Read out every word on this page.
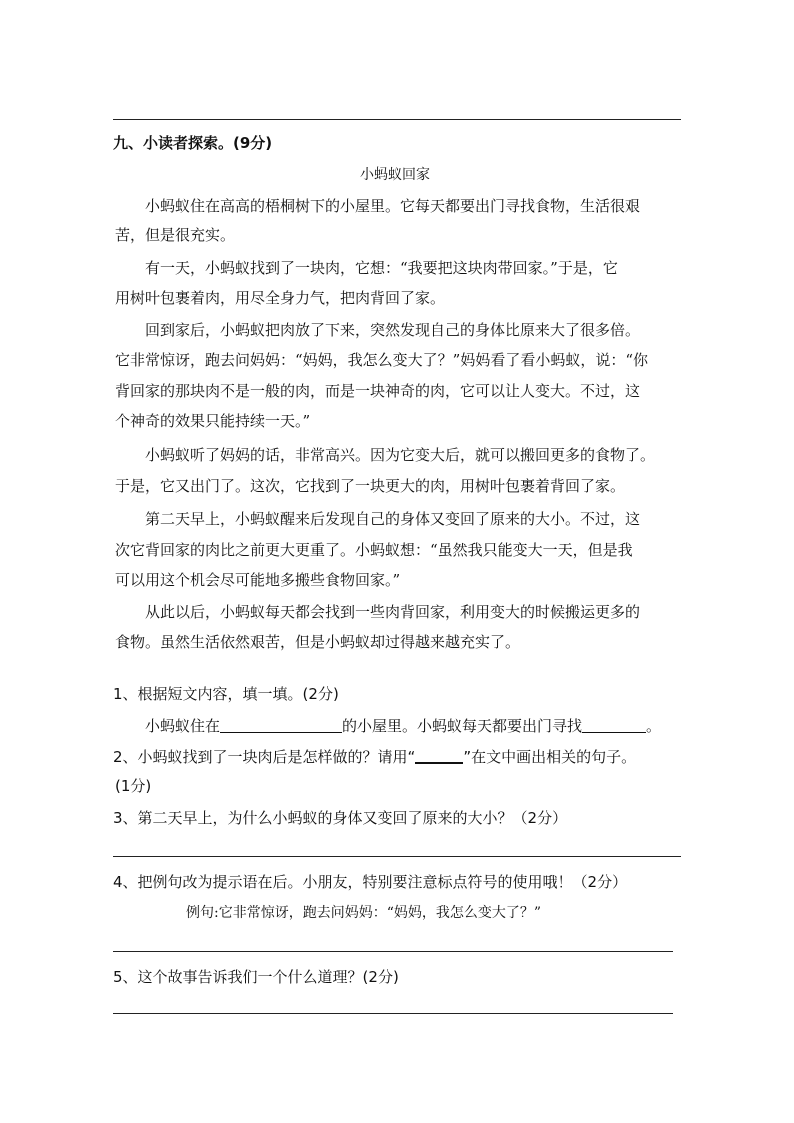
九、小读者探索。(9分)
小蚂蚁回家
小蚂蚁住在高高的梧桐树下的小屋里。它每天都要出门寻找食物，生活很艰
苦，但是很充实。
有一天，小蚂蚁找到了一块肉，它想：“我要把这块肉带回家。”于是，它
用树叶包裹着肉，用尽全身力气，把肉背回了家。
回到家后，小蚂蚁把肉放了下来，突然发现自己的身体比原来大了很多倍。
它非常惊讶，跑去问妈妈：“妈妈，我怎么变大了？”妈妈看了看小蚂蚁，说：“你
背回家的那块肉不是一般的肉，而是一块神奇的肉，它可以让人变大。不过，这
个神奇的效果只能持续一天。”
小蚂蚁听了妈妈的话，非常高兴。因为它变大后，就可以搬回更多的食物了。
于是，它又出门了。这次，它找到了一块更大的肉，用树叶包裹着背回了家。
第二天早上，小蚂蚁醒来后发现自己的身体又变回了原来的大小。不过，这
次它背回家的肉比之前更大更重了。小蚂蚁想：“虽然我只能变大一天，但是我
可以用这个机会尽可能地多搬些食物回家。”
从此以后，小蚂蚁每天都会找到一些肉背回家，利用变大的时候搬运更多的
食物。虽然生活依然艰苦，但是小蚂蚁却过得越来越充实了。
1、根据短文内容，填一填。(2分)
小蚂蚁住在	的小屋里。小蚂蚁每天都要出门寻找	。
2、小蚂蚁找到了一块肉后是怎样做的？请用“	”在文中画出相关的句子。
(1分)
3、第二天早上，为什么小蚂蚁的身体又变回了原来的大小？（2分）
4、把例句改为提示语在后。小朋友，特别要注意标点符号的使用哦！（2分）
例句:它非常惊讶，跑去问妈妈：“妈妈，我怎么变大了？”
5、这个故事告诉我们一个什么道理？(2分)
